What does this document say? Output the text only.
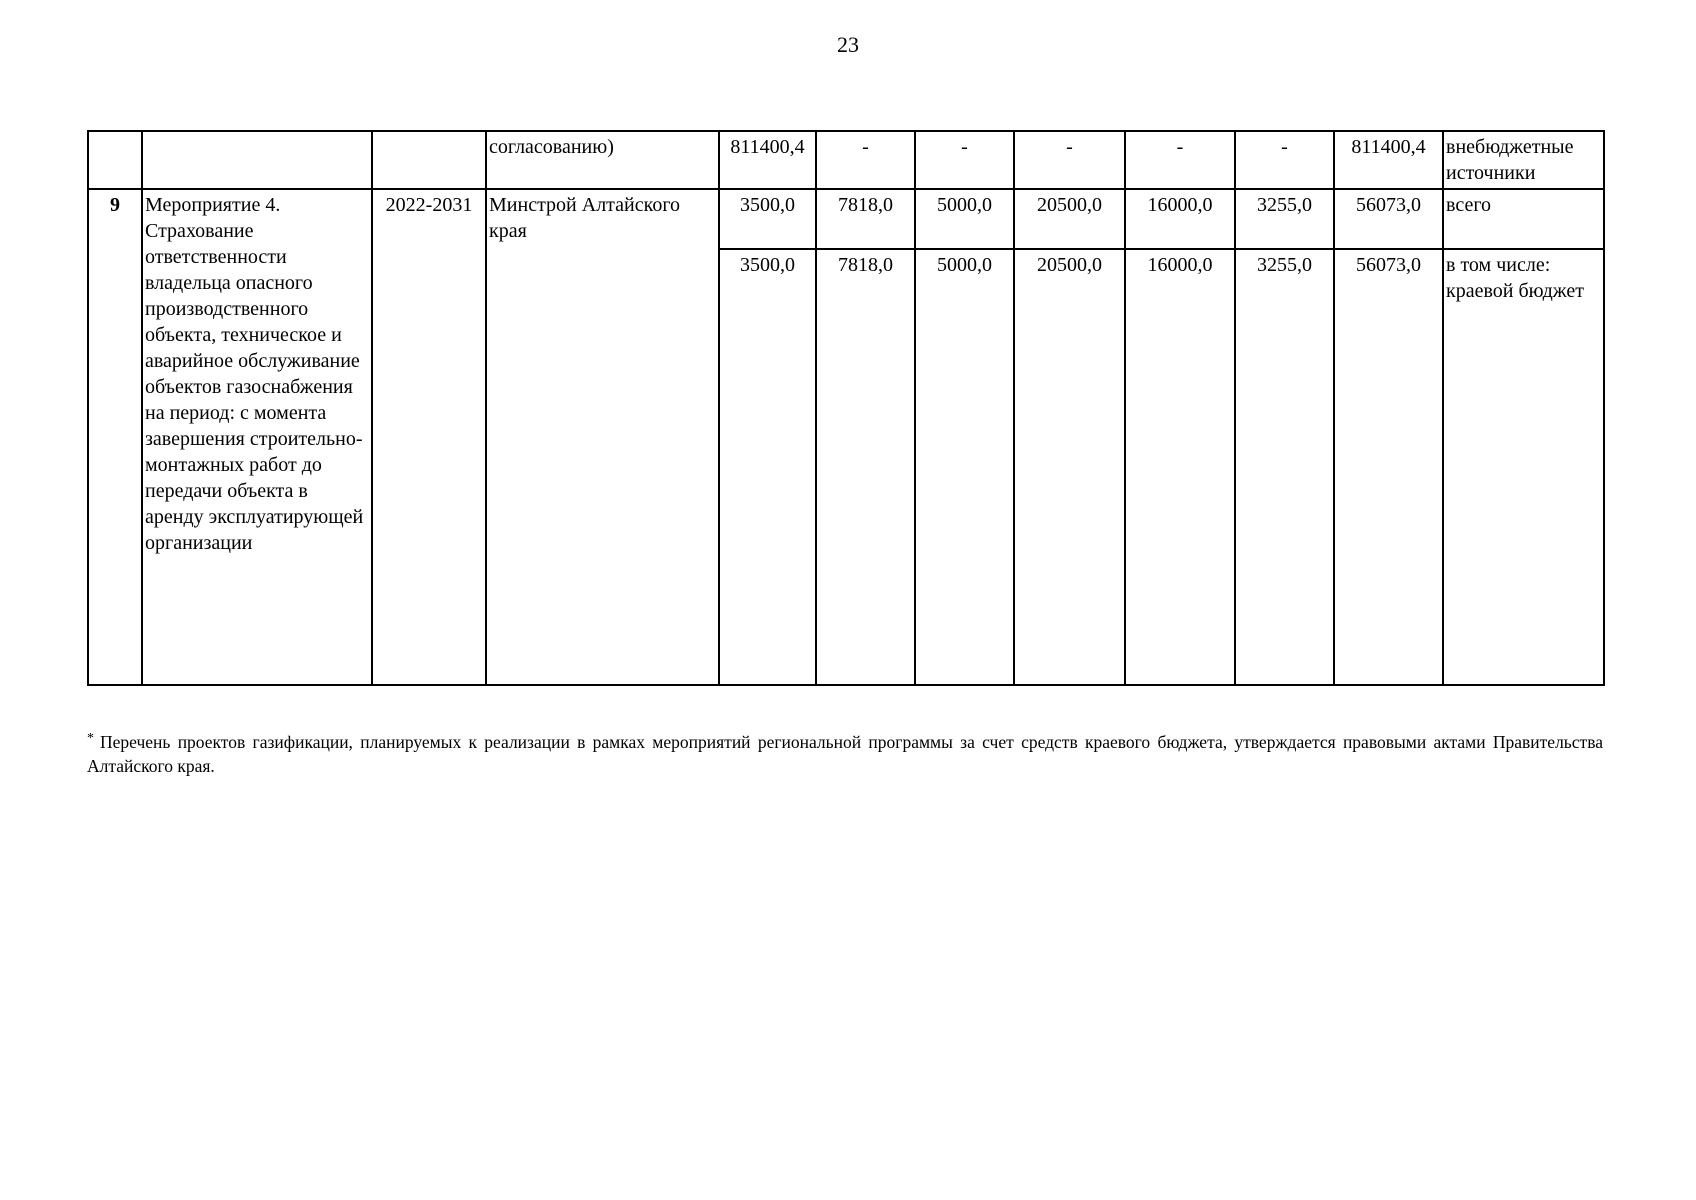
23
			согласованию)	811400,4	-	-	-	-	-	811400,4	внебюджетные источники
9	Мероприятие 4. Страхование ответственности владельца опасного производственного объекта, техническое и аварийное обслуживание объектов газоснабжения на период: с момента завершения строительно-монтажных работ до передачи объекта в аренду эксплуатирующей организации	2022-2031	Минстрой Алтайского края	3500,0	7818,0	5000,0	20500,0	16000,0	3255,0	56073,0	всего
				3500,0	7818,0	5000,0	20500,0	16000,0	3255,0	56073,0	в том числе: краевой бюджет
* Перечень проектов газификации, планируемых к реализации в рамках мероприятий региональной программы за счет средств краевого бюджета, утверждается правовыми актами Правительства Алтайского края.
